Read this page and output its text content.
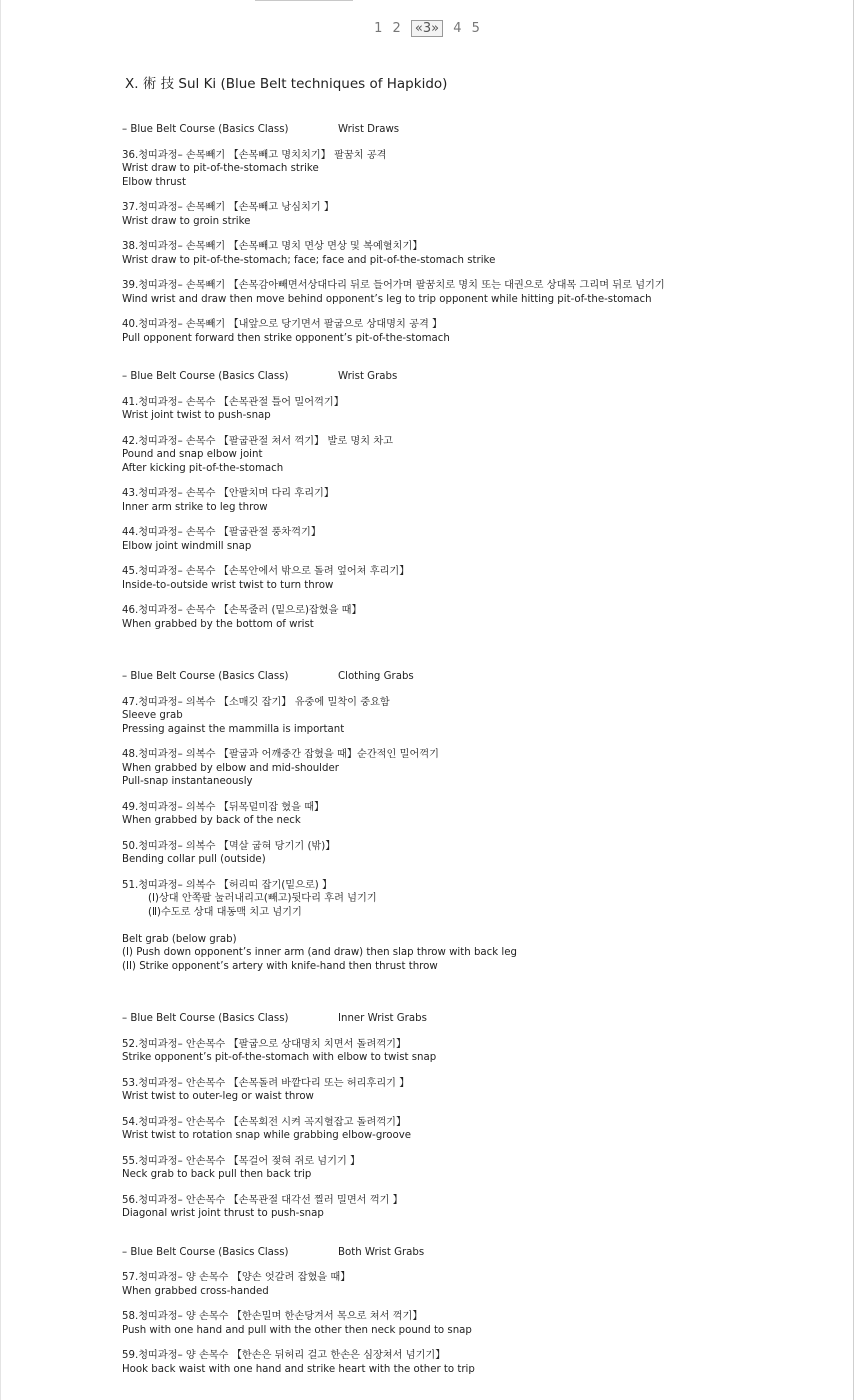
1 2 «3» 4 5
Ⅹ. 術 技 Sul Ki (Blue Belt techniques of Hapkido)
– Blue Belt Course (Basics Class)	Wrist Draws
36.청띠과정– 손목빼기 【손목빼고 명치치기】 팔꿈치 공격
Wrist draw to pit-of-the-stomach strike
Elbow thrust
37.청띠과정– 손목빼기 【손목빼고 낭심치기 】
Wrist draw to groin strike
38.청띠과정– 손목빼기 【손목빼고 명치 면상 면상 및 복예혈치기】
Wrist draw to pit-of-the-stomach; face; face and pit-of-the-stomach strike
39.청띠과정– 손목빼기 【손목감아빼면서상대다리 뒤로 들어가며 팔꿈치로 명치 또는 대권으로 상대목 그리며 뒤로 넘기기
Wind wrist and draw then move behind opponent’s leg to trip opponent while hitting pit-of-the-stomach
40.청띠과정– 손목빼기 【내앞으로 당기면서 팔굽으로 상대명치 공격 】
Pull opponent forward then strike opponent’s pit-of-the-stomach
– Blue Belt Course (Basics Class)	Wrist Grabs
41.청띠과정– 손목수 【손목관절 틀어 밀어꺽기】
Wrist joint twist to push-snap
42.청띠과정– 손목수 【팔굽관절 쳐서 꺽기】 발로 명치 차고
Pound and snap elbow joint
After kicking pit-of-the-stomach
43.청띠과정– 손목수 【안팔치며 다리 후리기】
Inner arm strike to leg throw
44.청띠과정– 손목수 【팔굽관절 풍차꺽기】
Elbow joint windmill snap
45.청띠과정– 손목수 【손목안에서 밖으로 돌려 엎어쳐 후리기】
Inside-to-outside wrist twist to turn throw
46.청띠과정– 손목수 【손목줄러 (밑으로)잡혔을 때】
When grabbed by the bottom of wrist
– Blue Belt Course (Basics Class)	Clothing Grabs
47.청띠과정– 의복수 【소매깃 잡기】 유중에 밀착이 중요함
Sleeve grab
Pressing against the mammilla is important
48.청띠과정– 의복수 【팔굽과 어깨중간 잡혔을 때】순간적인 밀어꺽기
When grabbed by elbow and mid-shoulder
Pull-snap instantaneously
49.청띠과정– 의복수 【뒤목덜미잡 혔을 때】
When grabbed by back of the neck
50.청띠과정– 의복수 【멱살 굽혀 당기기 (밖)】
Bending collar pull (outside)
51.청띠과정– 의복수 【허리띠 잡기(밑으로) 】
(Ⅰ)상대 안쪽팔 눌러내리고(빼고)뒷다리 후려 넘기기
(Ⅱ)수도로 상대 대동맥 치고 넘기기

Belt grab (below grab)
(I) Push down opponent’s inner arm (and draw) then slap throw with back leg
(II) Strike opponent’s artery with knife-hand then thrust throw
– Blue Belt Course (Basics Class)	Inner Wrist Grabs
52.청띠과정– 안손목수 【팔굽으로 상대명치 치면서 돌려꺽기】
Strike opponent’s pit-of-the-stomach with elbow to twist snap
53.청띠과정– 안손목수 【손목돌려 바깥다리 또는 허리후리기 】
Wrist twist to outer-leg or waist throw
54.청띠과정– 안손목수 【손목회전 시켜 곡지혈잡고 돌려꺽기】
Wrist twist to rotation snap while grabbing elbow-groove
55.청띠과정– 안손목수 【목걸어 젖혀 쥐로 넘기기 】
Neck grab to back pull then back trip
56.청띠과정– 안손목수 【손목관절 대각선 찔러 밀면서 꺽기 】
Diagonal wrist joint thrust to push-snap
– Blue Belt Course (Basics Class)	Both Wrist Grabs
57.청띠과정– 양 손목수 【양손 엇갈려 잡혔을 때】
When grabbed cross-handed
58.청띠과정– 양 손목수 【한손밀며 한손당겨서 목으로 쳐서 꺽기】
Push with one hand and pull with the other then neck pound to snap
59.청띠과정– 양 손목수 【한손은 뒤허리 걸고 한손은 심장쳐서 넘기기】
Hook back waist with one hand and strike heart with the other to trip
